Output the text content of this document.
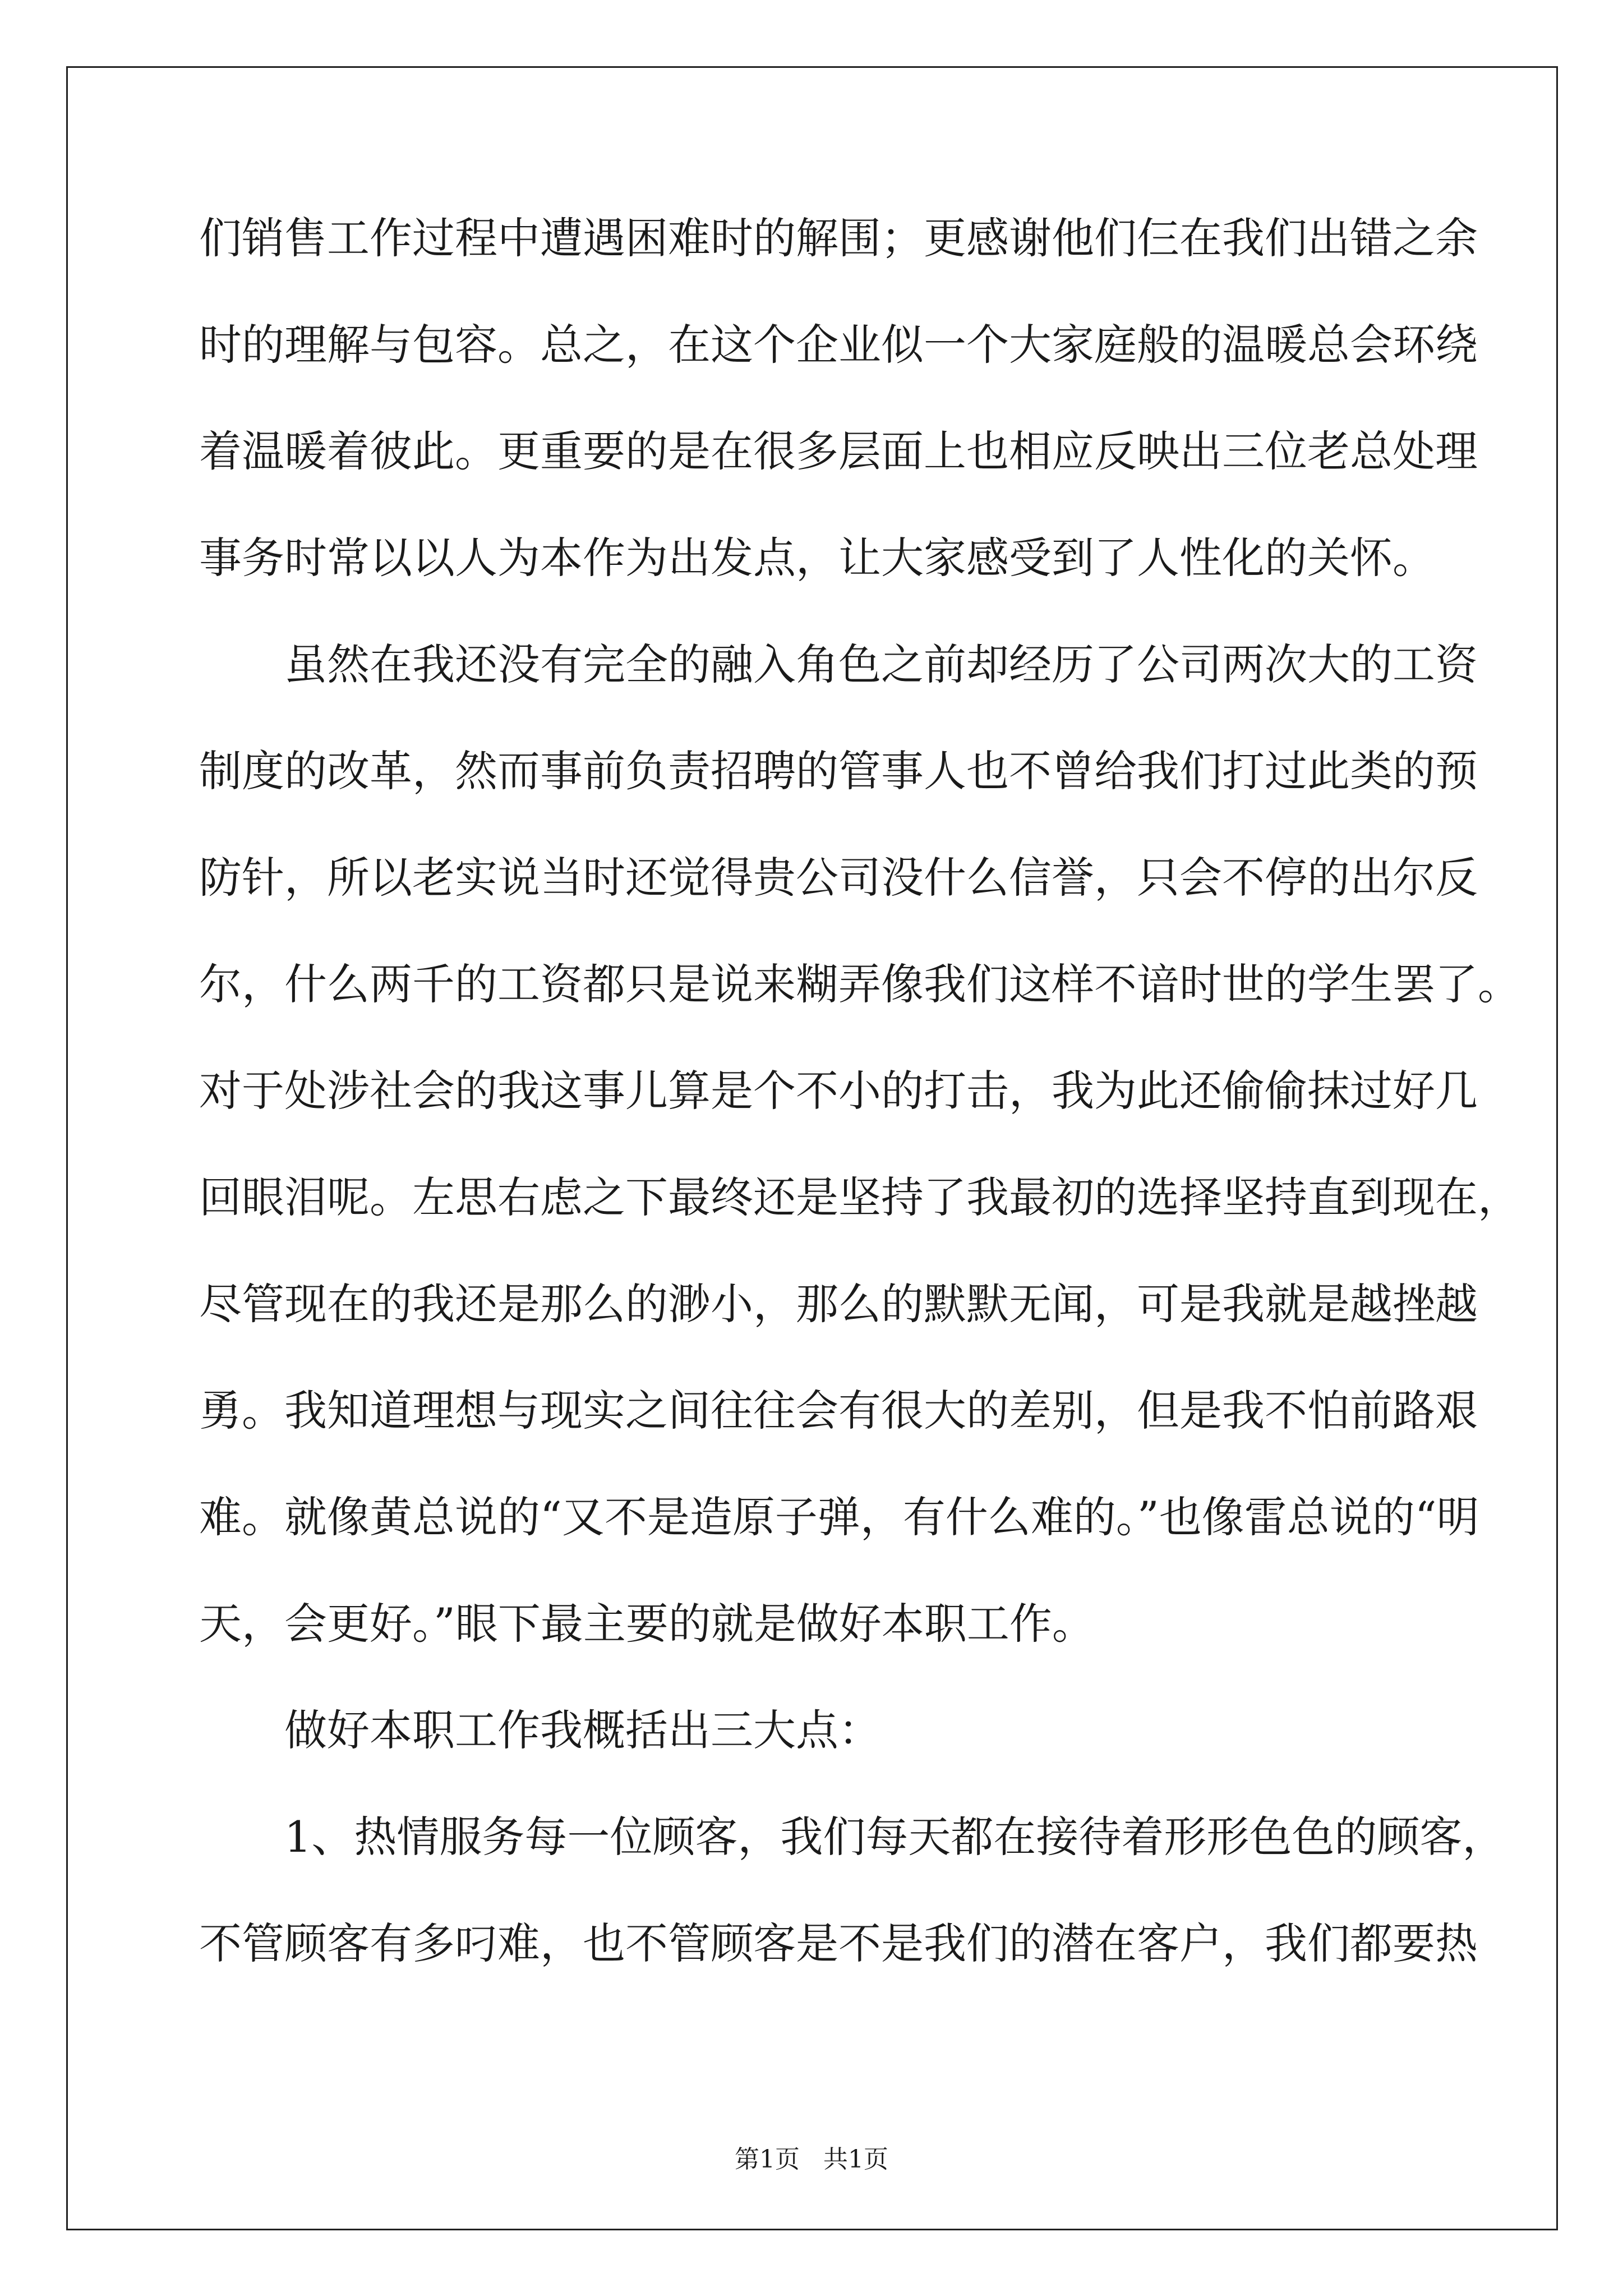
们销售工作过程中遭遇困难时的解围；更感谢他们仨在我们出错之余
时的理解与包容。总之，在这个企业似一个大家庭般的温暖总会环绕
着温暖着彼此。更重要的是在很多层面上也相应反映出三位老总处理
事务时常以以人为本作为出发点，让大家感受到了人性化的关怀。
虽然在我还没有完全的融入角色之前却经历了公司两次大的工资
制度的改革，然而事前负责招聘的管事人也不曾给我们打过此类的预
防针，所以老实说当时还觉得贵公司没什么信誉，只会不停的出尔反
尔，什么两千的工资都只是说来糊弄像我们这样不谙时世的学生罢了。
对于处涉社会的我这事儿算是个不小的打击，我为此还偷偷抹过好几
回眼泪呢。左思右虑之下最终还是坚持了我最初的选择坚持直到现在，
尽管现在的我还是那么的渺小，那么的默默无闻，可是我就是越挫越
勇。我知道理想与现实之间往往会有很大的差别，但是我不怕前路艰
难。就像黄总说的“又不是造原子弹，有什么难的。”也像雷总说的“明
天，会更好。”眼下最主要的就是做好本职工作。
做好本职工作我概括出三大点：
1、热情服务每一位顾客，我们每天都在接待着形形色色的顾客，
不管顾客有多叼难，也不管顾客是不是我们的潜在客户，我们都要热
第1页   共1页
